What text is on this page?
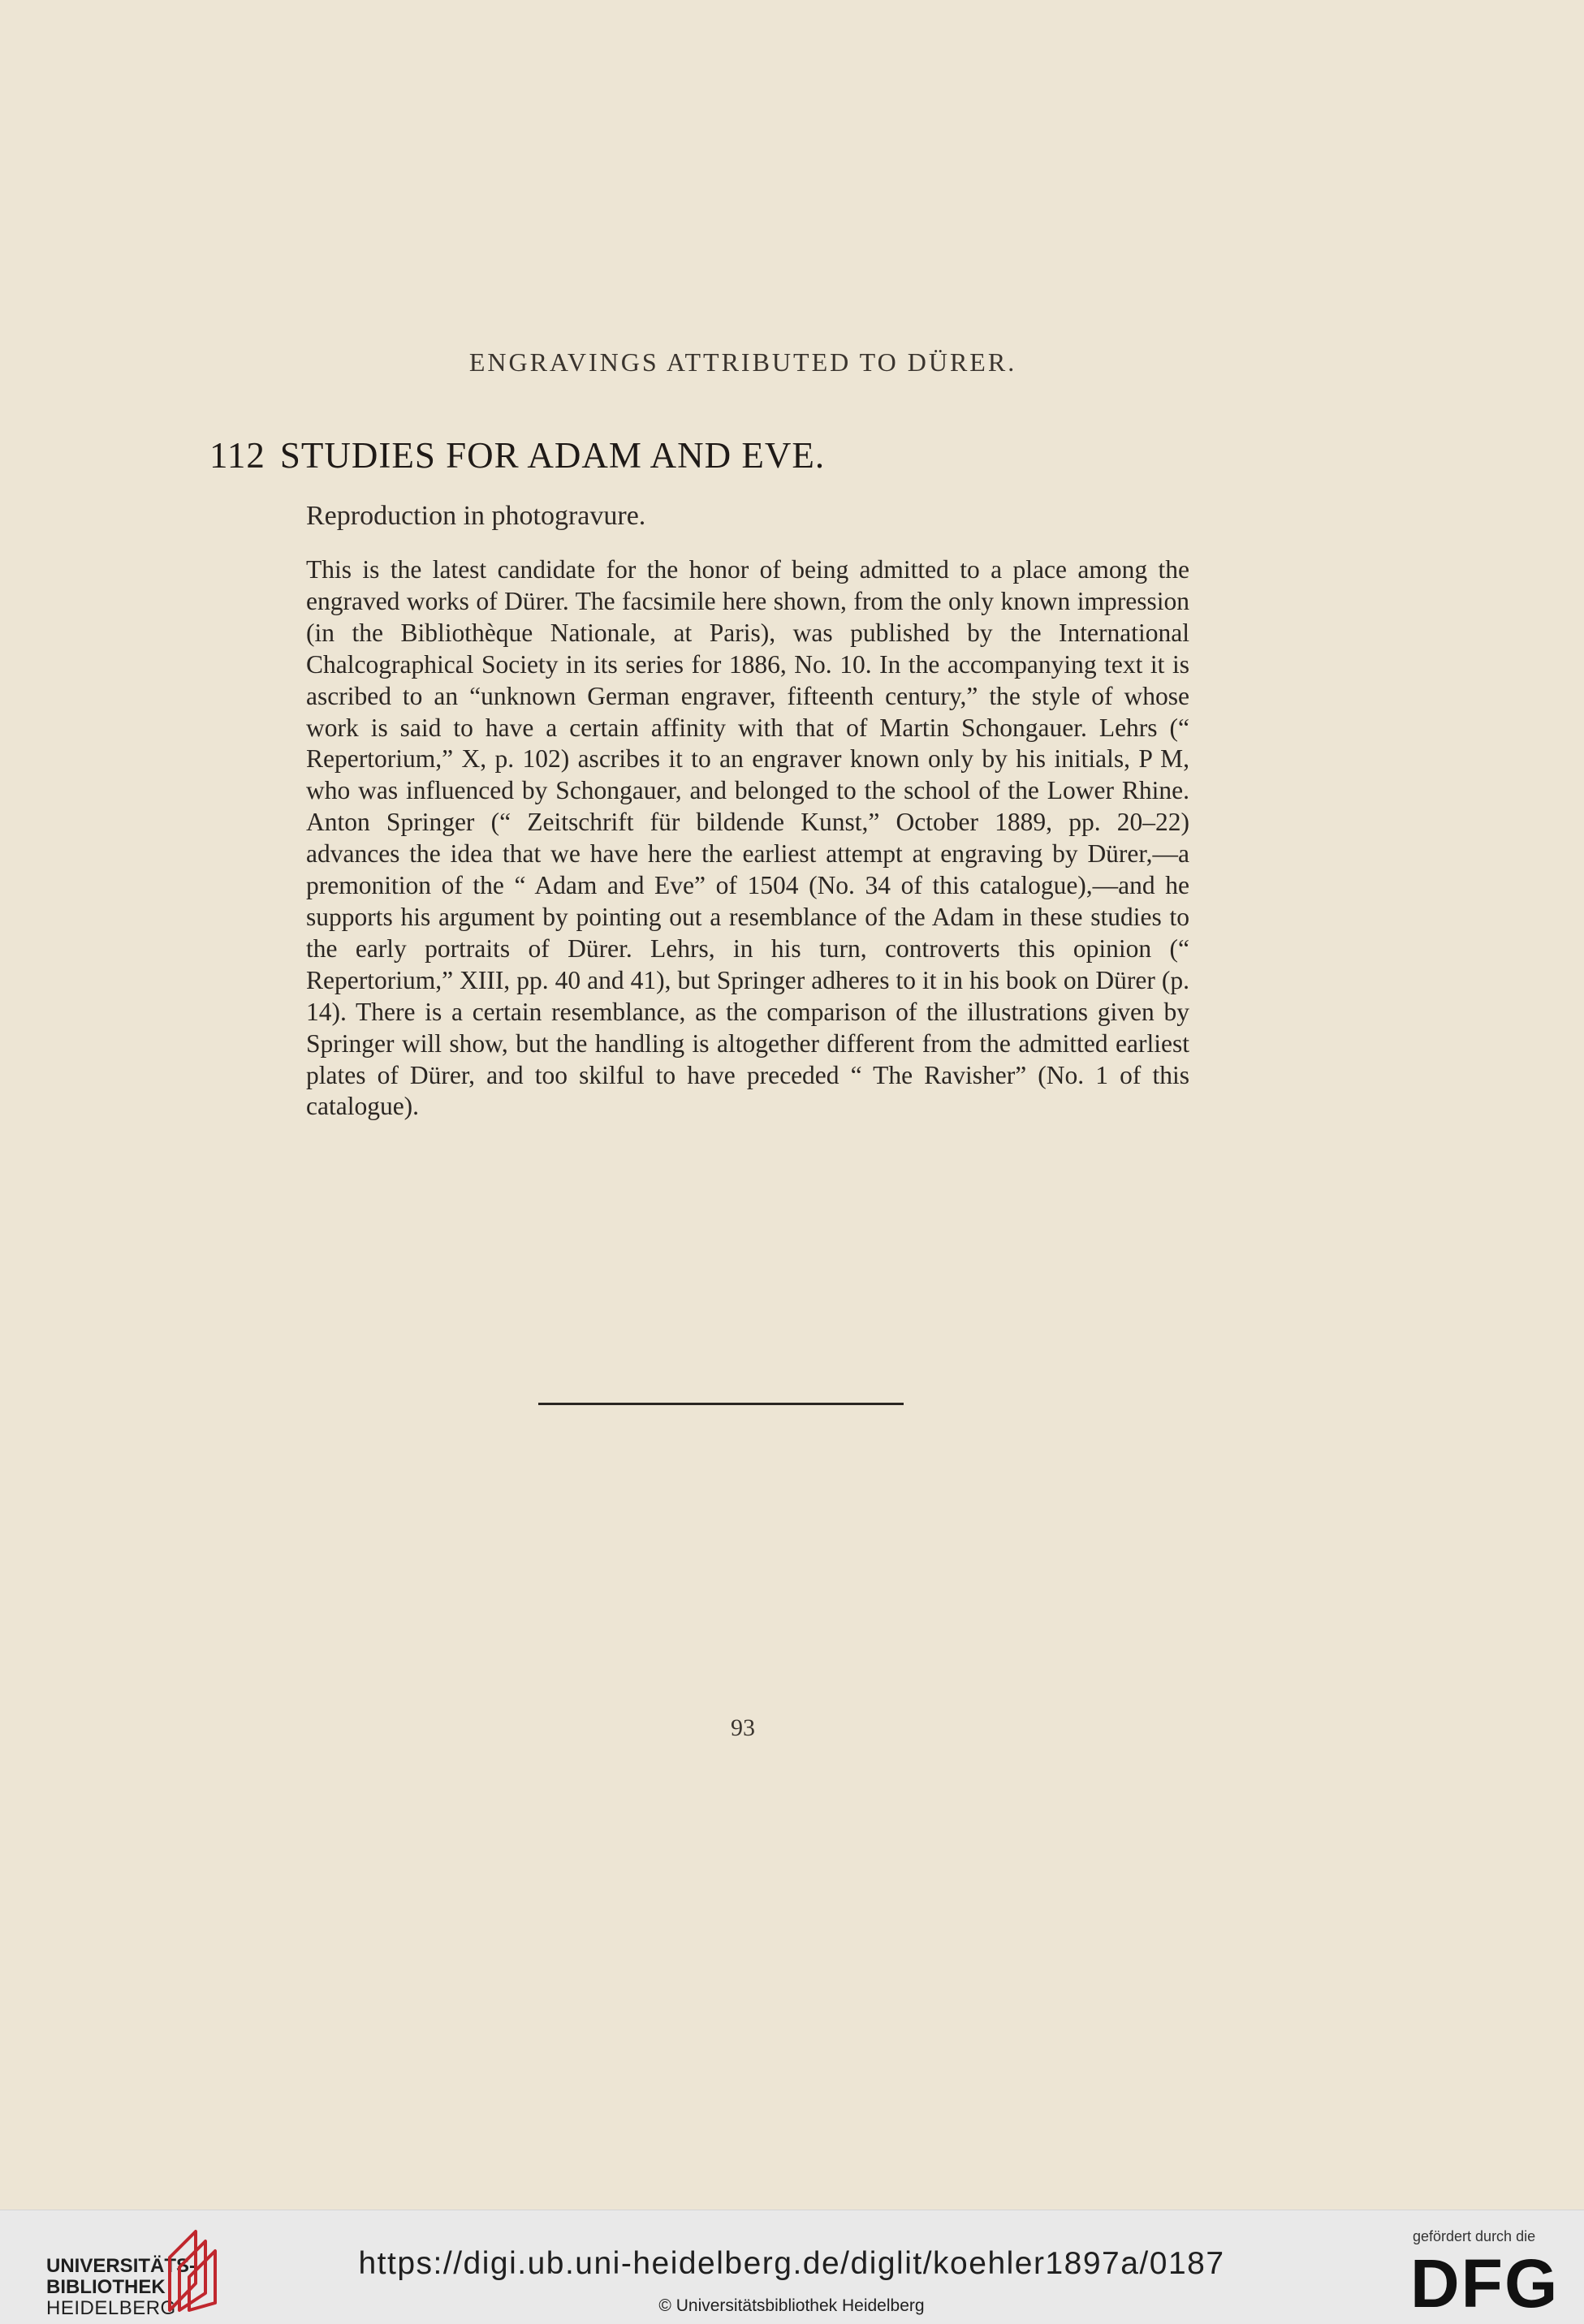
ENGRAVINGS ATTRIBUTED TO DÜRER.
112 STUDIES FOR ADAM AND EVE.
Reproduction in photogravure.
This is the latest candidate for the honor of being admitted to a place among the engraved works of Dürer. The facsimile here shown, from the only known impression (in the Bibliothèque Nationale, at Paris), was published by the International Chalcographical Society in its series for 1886, No. 10. In the accompanying text it is ascribed to an “unknown German engraver, fifteenth century,” the style of whose work is said to have a certain affinity with that of Martin Schongauer. Lehrs (“ Repertorium,” X, p. 102) ascribes it to an engraver known only by his initials, P M, who was influenced by Schongauer, and belonged to the school of the Lower Rhine. Anton Springer (“ Zeitschrift für bildende Kunst,” October 1889, pp. 20–22) advances the idea that we have here the earliest attempt at engraving by Dürer,—a premonition of the “ Adam and Eve” of 1504 (No. 34 of this catalogue),—and he supports his argument by pointing out a resemblance of the Adam in these studies to the early portraits of Dürer. Lehrs, in his turn, controverts this opinion (“ Repertorium,” XIII, pp. 40 and 41), but Springer adheres to it in his book on Dürer (p. 14). There is a certain resemblance, as the comparison of the illustrations given by Springer will show, but the handling is altogether different from the admitted earliest plates of Dürer, and too skilful to have preceded “ The Ravisher” (No. 1 of this catalogue).
93
UNIVERSITÄTS-
BIBLIOTHEK
HEIDELBERG
https://digi.ub.uni-heidelberg.de/diglit/koehler1897a/0187
© Universitätsbibliothek Heidelberg
gefördert durch die
DFG
